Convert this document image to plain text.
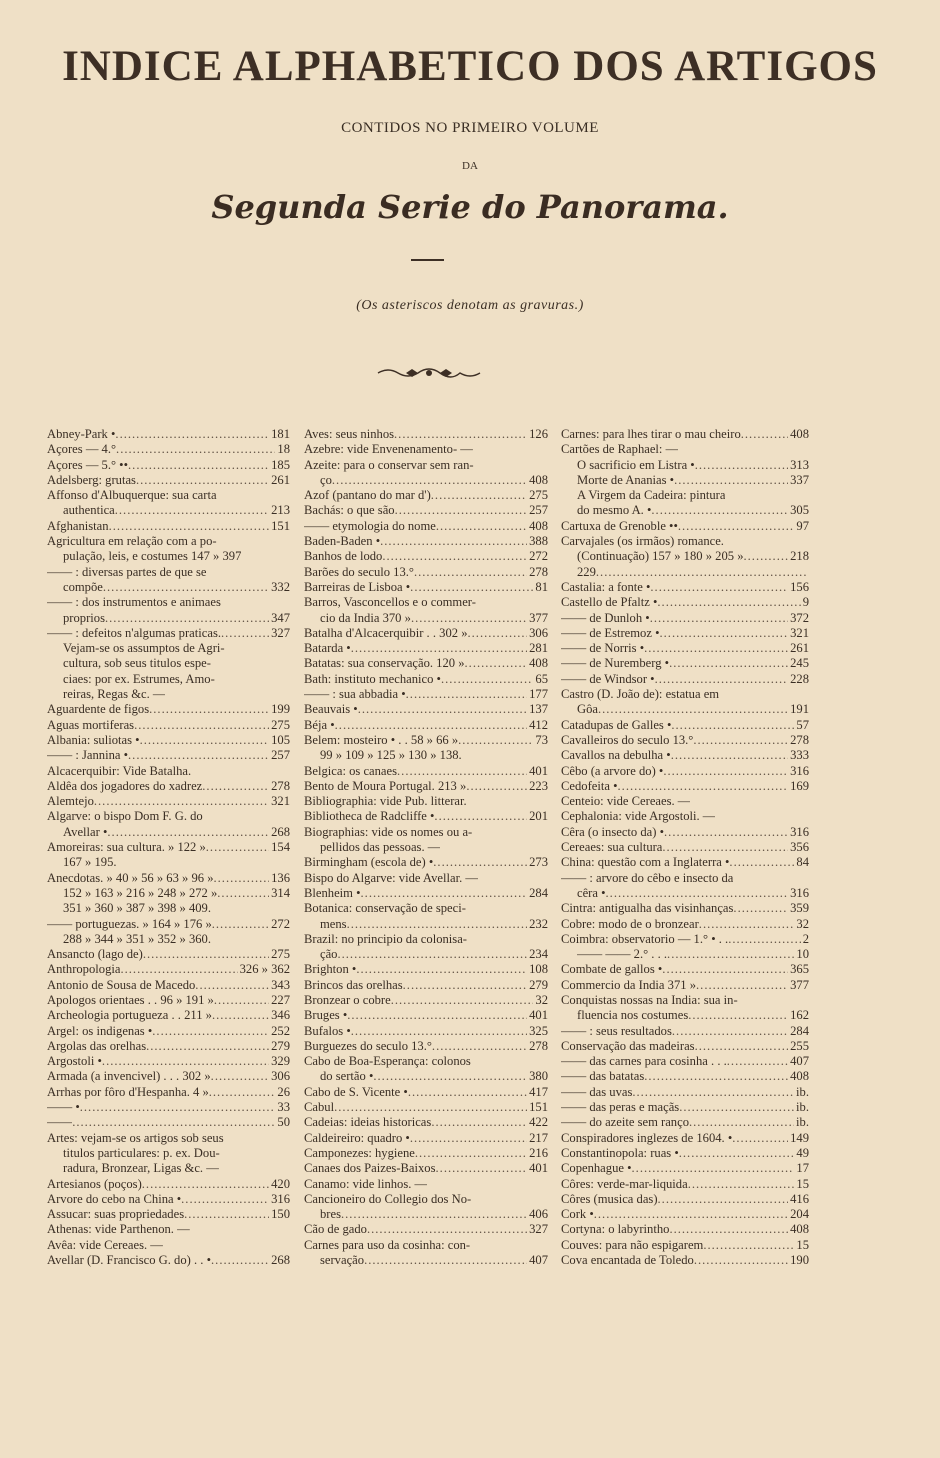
INDICE ALPHABETICO DOS ARTIGOS
CONTIDOS NO PRIMEIRO VOLUME
DA
Segunda Serie do Panorama.
(Os asteriscos denotam as gravuras.)
Abney-Park • .....	181
Açores — 4.° .....	18
Açores — 5.° •• .....	185
Adelsberg: grutas .....	261
Affonso d'Albuquerque: sua carta
authentica .....	213
Afghanistan .....	151
Agricultura em relação com a po-
pulação, leis, e costumes 147 » 397
—— : diversas partes de que se
compõe .....	332
—— : dos instrumentos e animaes
proprios .....	347
—— : defeitos n'algumas praticas. .....	327
Vejam-se os assumptos de Agri-
cultura, sob seus titulos espe-
ciaes: por ex. Estrumes, Amo-
reiras, Regas &c. —
Aguardente de figos .....	199
Aguas mortiferas .....	275
Albania: suliotas • .....	105
—— : Jannina • .....	257
Alcacerquibir: Vide Batalha.
Aldêa dos jogadores do xadrez .....	278
Alemtejo .....	321
Algarve: o bispo Dom F. G. do
Avellar • .....	268
Amoreiras: sua cultura. » 122 » .....	154
167 » 195.
Anecdotas. » 40 » 56 » 63 » 96 » .....	136
152 » 163 » 216 » 248 » 272 » .....	314
351 » 360 » 387 » 398 » 409.
—— portuguezas. » 164 » 176 » .....	272
288 » 344 » 351 » 352 » 360.
Ansancto (lago de) .....	275
Anthropologia .....	326 » 362
Antonio de Sousa de Macedo .....	343
Apologos orientaes . . 96 » 191 » .....	227
Archeologia portugueza . . 211 » .....	346
Argel: os indigenas • .....	252
Argolas das orelhas .....	279
Argostoli • .....	329
Armada (a invencivel) . . . 302 » .....	306
Arrhas por fôro d'Hespanha. 4 » .....	26
—— • .....	33
—— .....	50
Artes: vejam-se os artigos sob seus
titulos particulares: p. ex. Dou-
radura, Bronzear, Ligas &c. —
Artesianos (poços) .....	420
Arvore do cebo na China • .....	316
Assucar: suas propriedades .....	150
Athenas: vide Parthenon. —
Avêa: vide Cereaes. —
Avellar (D. Francisco G. do) . . • .....	268
Aves: seus ninhos .....	126
Azebre: vide Envenenamento- —
Azeite: para o conservar sem ran-
ço .....	408
Azof (pantano do mar d') .....	275
Bachás: o que são .....	257
—— etymologia do nome .....	408
Baden-Baden • .....	388
Banhos de lodo .....	272
Barões do seculo 13.° .....	278
Barreiras de Lisboa • .....	81
Barros, Vasconcellos e o commer-
cio da India 370 » .....	377
Batalha d'Alcacerquibir . . 302 » .....	306
Batarda • .....	281
Batatas: sua conservação. 120 » .....	408
Bath: instituto mechanico • .....	65
—— : sua abbadia • .....	177
Beauvais • .....	137
Béja • .....	412
Belem: mosteiro • . . 58 » 66 » .....	73
99 » 109 » 125 » 130 » 138.
Belgica: os canaes .....	401
Bento de Moura Portugal. 213 » .....	223
Bibliographia: vide Pub. litterar.
Bibliotheca de Radcliffe • .....	201
Biographias: vide os nomes ou a-
pellidos das pessoas. —
Birmingham (escola de) • .....	273
Bispo do Algarve: vide Avellar. —
Blenheim • .....	284
Botanica: conservação de speci-
mens .....	232
Brazil: no principio da colonisa-
ção .....	234
Brighton • .....	108
Brincos das orelhas .....	279
Bronzear o cobre .....	32
Bruges • .....	401
Bufalos • .....	325
Burguezes do seculo 13.° .....	278
Cabo de Boa-Esperança: colonos
do sertão • .....	380
Cabo de S. Vicente • .....	417
Cabul .....	151
Cadeias: ideias historicas .....	422
Caldeireiro: quadro • .....	217
Camponezes: hygiene .....	216
Canaes dos Paizes-Baixos .....	401
Canamo: vide linhos. —
Cancioneiro do Collegio dos No-
bres .....	406
Cão de gado .....	327
Carnes para uso da cosinha: con-
servação .....	407
Carnes: para lhes tirar o mau cheiro .....	408
Cartões de Raphael: —
O sacrificio em Listra • .....	313
Morte de Ananias • .....	337
A Virgem da Cadeira: pintura
do mesmo A. • .....	305
Cartuxa de Grenoble •• .....	97
Carvajales (os irmãos) romance.
(Continuação) 157 » 180 » 205 » .....	218
229
.....
Castalia: a fonte • .....	156
Castello de Pfaltz • .....	9
—— de Dunloh • .....	372
—— de Estremoz • .....	321
—— de Norris • .....	261
—— de Nuremberg • .....	245
—— de Windsor • .....	228
Castro (D. João de): estatua em
Gôa .....	191
Catadupas de Galles • .....	57
Cavalleiros do seculo 13.° .....	278
Cavallos na debulha • .....	333
Cêbo (a arvore do) • .....	316
Cedofeita • .....	169
Centeio: vide Cereaes. —
Cephalonia: vide Argostoli. —
Cêra (o insecto da) • .....	316
Cereaes: sua cultura .....	356
China: questão com a Inglaterra • .....	84
—— : arvore do cêbo e insecto da
cêra • .....	316
Cintra: antigualha das visinhanças .....	359
Cobre: modo de o bronzear .....	32
Coimbra: observatorio — 1.° • . . .....	2
—— —— 2.° . . . .....	10
Combate de gallos • .....	365
Commercio da India 371 » .....	377
Conquistas nossas na India: sua in-
fluencia nos costumes .....	162
—— : seus resultados .....	284
Conservação das madeiras .....	255
—— das carnes para cosinha . . . .....	407
—— das batatas .....	408
—— das uvas .....	ib.
—— das peras e maçãs .....	ib.
—— do azeite sem ranço .....	ib.
Conspiradores inglezes de 1604. • .....	149
Constantinopola: ruas • .....	49
Copenhague • .....	17
Côres: verde-mar-liquida .....	15
Côres (musica das) .....	416
Cork • .....	204
Cortyna: o labyrintho .....	408
Couves: para não espigarem .....	15
Cova encantada de Toledo .....	190
